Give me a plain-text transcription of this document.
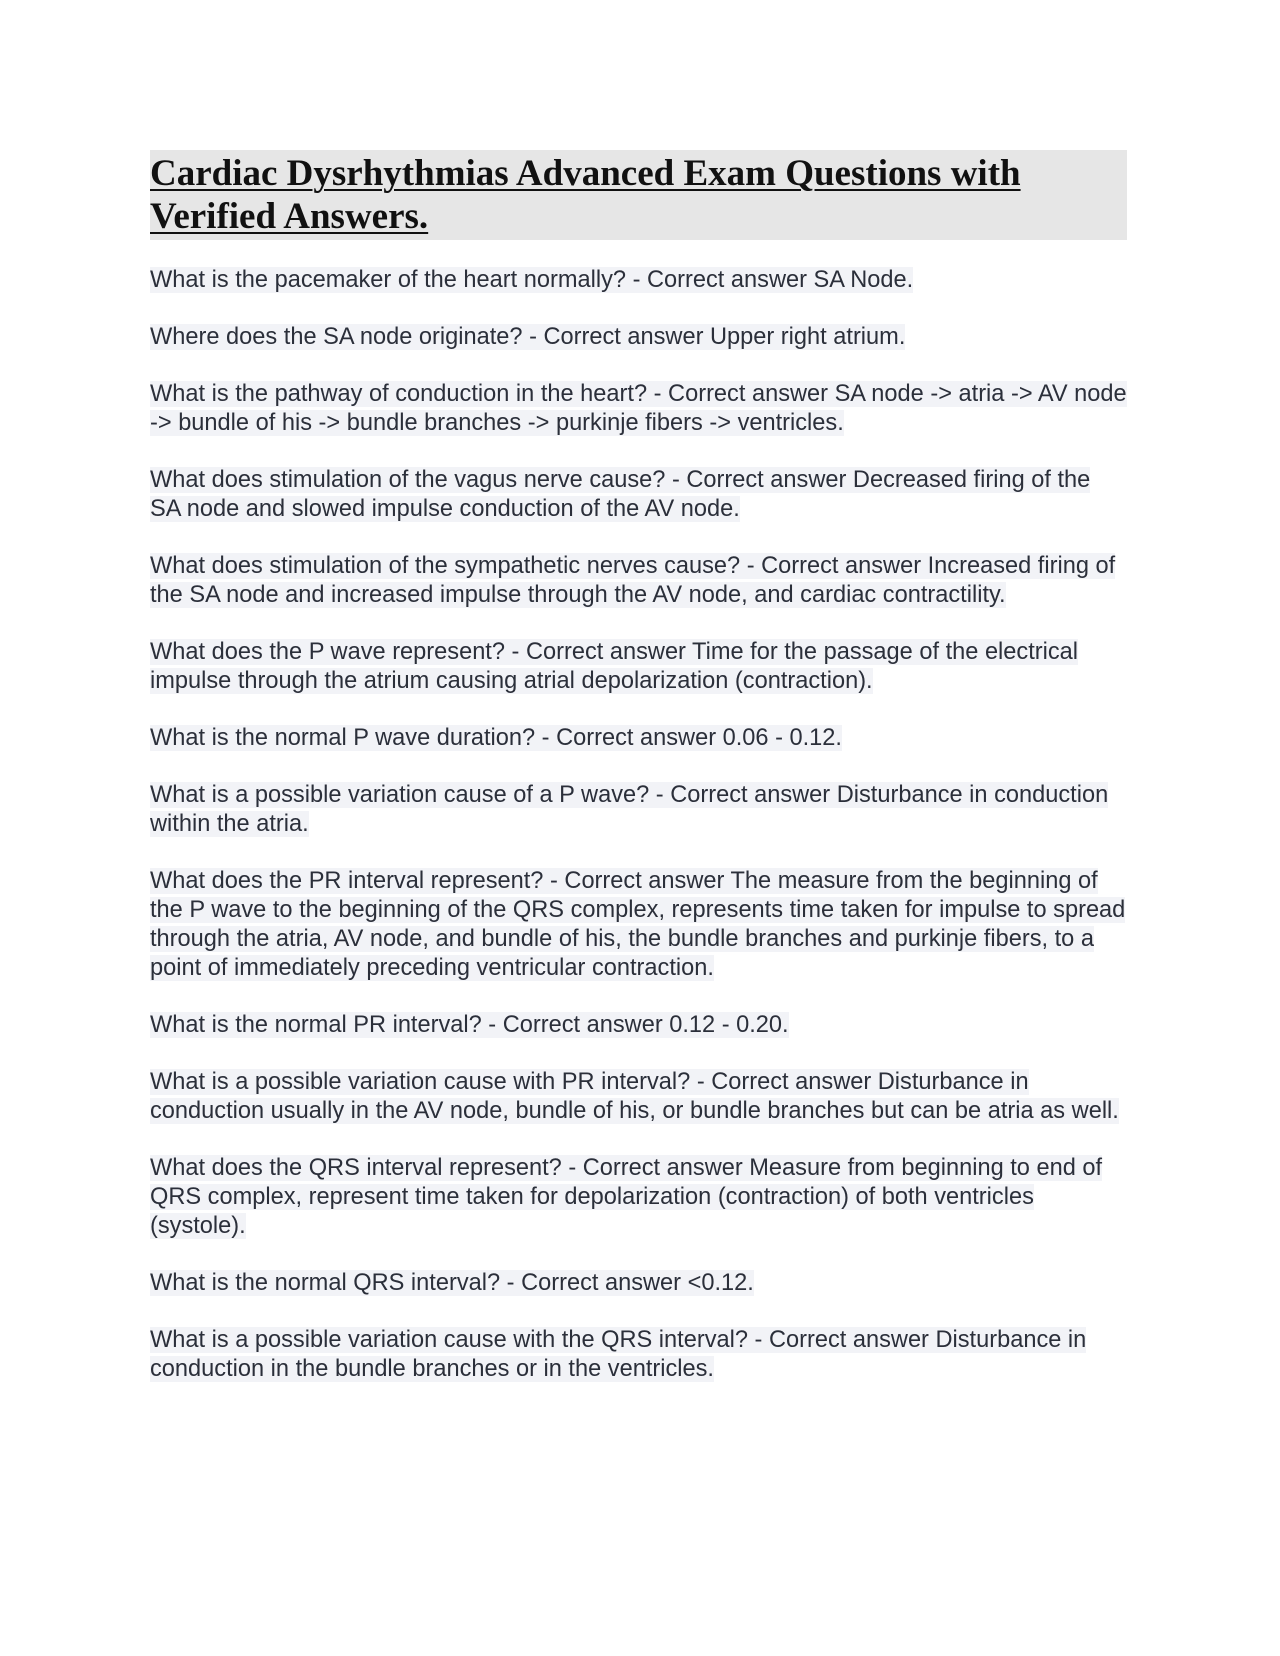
Cardiac Dysrhythmias Advanced Exam Questions with Verified Answers.
What is the pacemaker of the heart normally? - Correct answer SA Node.
Where does the SA node originate? - Correct answer Upper right atrium.
What is the pathway of conduction in the heart? - Correct answer SA node -> atria -> AV node -> bundle of his -> bundle branches -> purkinje fibers -> ventricles.
What does stimulation of the vagus nerve cause? - Correct answer Decreased firing of the SA node and slowed impulse conduction of the AV node.
What does stimulation of the sympathetic nerves cause? - Correct answer Increased firing of the SA node and increased impulse through the AV node, and cardiac contractility.
What does the P wave represent? - Correct answer Time for the passage of the electrical impulse through the atrium causing atrial depolarization (contraction).
What is the normal P wave duration? - Correct answer 0.06 - 0.12.
What is a possible variation cause of a P wave? - Correct answer Disturbance in conduction within the atria.
What does the PR interval represent? - Correct answer The measure from the beginning of the P wave to the beginning of the QRS complex, represents time taken for impulse to spread through the atria, AV node, and bundle of his, the bundle branches and purkinje fibers, to a point of immediately preceding ventricular contraction.
What is the normal PR interval? - Correct answer 0.12 - 0.20.
What is a possible variation cause with PR interval? - Correct answer Disturbance in conduction usually in the AV node, bundle of his, or bundle branches but can be atria as well.
What does the QRS interval represent? - Correct answer Measure from beginning to end of QRS complex, represent time taken for depolarization (contraction) of both ventricles (systole).
What is the normal QRS interval? - Correct answer <0.12.
What is a possible variation cause with the QRS interval? - Correct answer Disturbance in conduction in the bundle branches or in the ventricles.
